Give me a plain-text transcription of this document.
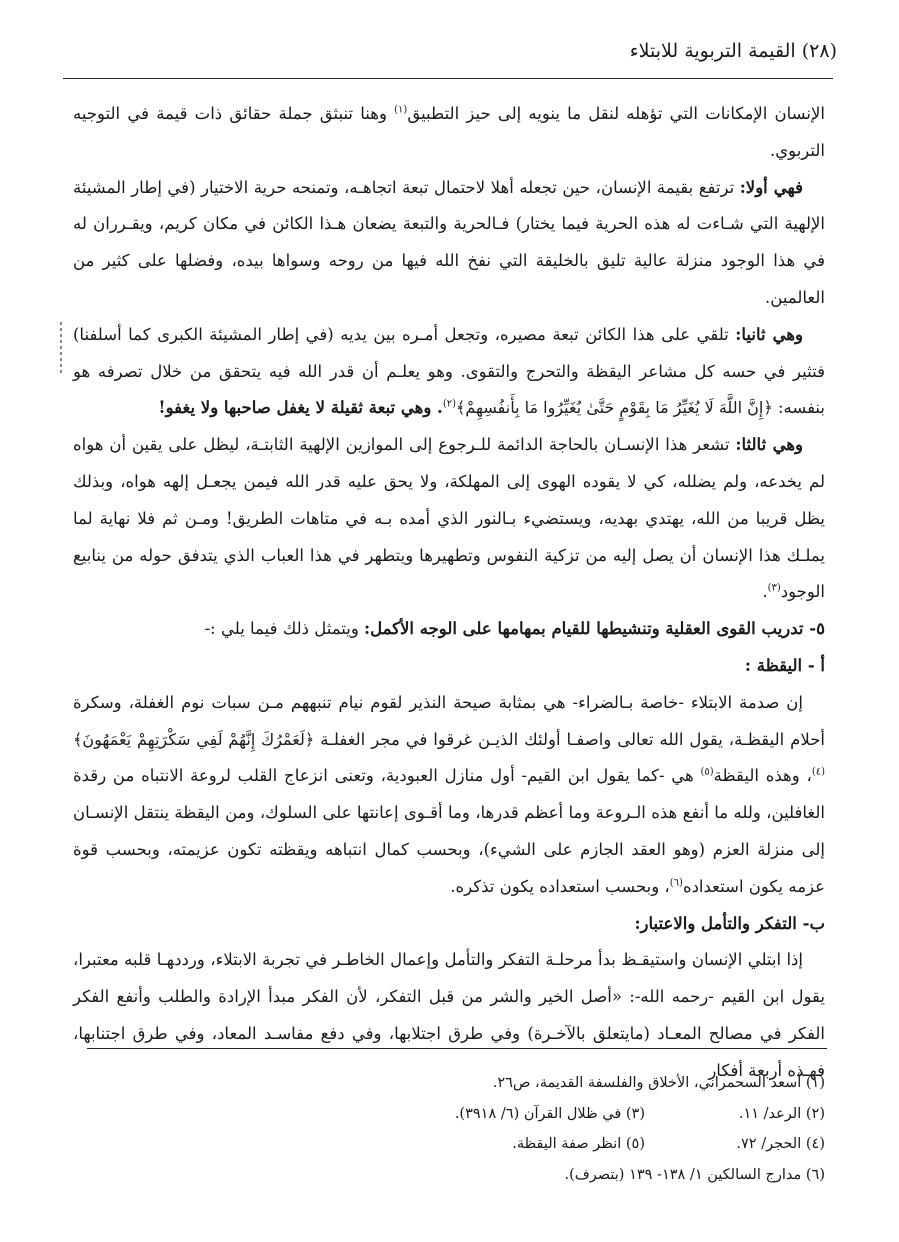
(٢٨) القيمة التربوية للابتلاء

الإنسان الإمكانات التي تؤهله لنقل ما ينويه إلى حيز التطبيق$^{(١)}$ وهنا تنبثق جملة حقائق ذات قيمة في التوجيه التربوي.

فهي أولا: ترتفع بقيمة الإنسان، حين تجعله أهلا لاحتمال تبعة اتجاهـه، وتمنحه حرية الاختيار (في إطار المشيئة الإلهية التي شـاءت له هذه الحرية فيما يختار) فـالحرية والتبعة يضعان هـذا الكائن في مكان كريم، ويقـرران له في هذا الوجود منزلة عالية تليق بالخليقة التي نفخ الله فيها من روحه وسواها بيده، وفضلها على كثير من العالمين.

وهي ثانيا: تلقي على هذا الكائن تبعة مصيره، وتجعل أمـره بين يديه (في إطار المشيئة الكبرى كما أسلفنا) فتثير في حسه كل مشاعر اليقظة والتحرج والتقوى. وهو يعلـم أن قدر الله فيه يتحقق من خلال تصرفه هو بنفسه: ﴿إِنَّ اللَّهَ لَا يُغَيِّرُ مَا بِقَوْمٍ حَتَّىٰ يُغَيِّرُوا مَا بِأَنفُسِهِمْ﴾$^{(٢)}$. وهي تبعة ثقيلة لا يغفل صاحبها ولا يغفو!

وهي ثالثا: تشعر هذا الإنسـان بالحاجة الدائمة للـرجوع إلى الموازين الإلهية الثابتـة، ليظل على يقين أن هواه لم يخدعه، ولم يضلله، كي لا يقوده الهوى إلى المهلكة، ولا يحق عليه قدر الله فيمن يجعـل إلهه هواه، وبذلك يظل قريبا من الله، يهتدي بهديه، ويستضيء بـالنور الذي أمده بـه في متاهات الطريق! ومـن ثم فلا نهاية لما يملـك هذا الإنسان أن يصل إليه من تزكية النفوس وتطهيرها ويتطهر في هذا العباب الذي يتدفق حوله من ينابيع الوجود$^{(٣)}$.

٥- تدريب القوى العقلية وتنشيطها للقيام بمهامها على الوجه الأكمل: ويتمثل ذلك فيما يلي :-

أ - اليقظة :

إن صدمة الابتلاء -خاصة بـالضراء- هي بمثابة صيحة النذير لقوم نيام تنبههم مـن سبات نوم الغفلة، وسكرة أحلام اليقظـة، يقول الله تعالى واصفـا أولئك الذيـن غرقوا في مجر الغفلـة ﴿لَعَمْرُكَ إِنَّهُمْ لَفِي سَكْرَتِهِمْ يَعْمَهُونَ﴾$^{(٤)}$، وهذه اليقظة$^{(٥)}$ هي -كما يقول ابن القيم- أول منازل العبودية، وتعنى انزعاج القلب لروعة الانتباه من رقدة الغافلين، ولله ما أنفع هذه الـروعة وما أعظم قدرها، وما أقـوى إعانتها على السلوك، ومن اليقظة ينتقل الإنسـان إلى منزلة العزم (وهو العقد الجازم على الشيء)، وبحسب كمال انتباهه ويقظته تكون عزيمته، وبحسب قوة عزمه يكون استعداده$^{(٦)}$، وبحسب استعداده يكون تذكره.

ب- التفكر والتأمل والاعتبار:

إذا ابتلي الإنسان واستيقـظ بدأ مرحلـة التفكر والتأمل وإعمال الخاطـر في تجربة الابتلاء، وردد‍هـا قلبه معتبرا، يقول ابن القيم -رحمه الله-: «أصل الخير والشر من قبل التفكر، لأن الفكر مبدأ الإرادة والطلب وأنفع الفكر الفكر في مصالح المعـاد (مايتعلق بالآخـرة) وفي طرق اجتلابها، وفي دفع مفاسـد المعاد، وفي طرق اجتنابها، فهـذه أربعة أفكار

(١) أسعد السحمراني، الأخلاق والفلسفة القديمة، ص٢٦.
(٢) الرعد/ ١١.
(٣) في ظلال القرآن (٦/ ٣٩١٨).
(٤) الحجر/ ٧٢.
(٥) انظر صفة اليقظة.
(٦) مدارج السالكين ١/ ١٣٨- ١٣٩ (بتصرف).
